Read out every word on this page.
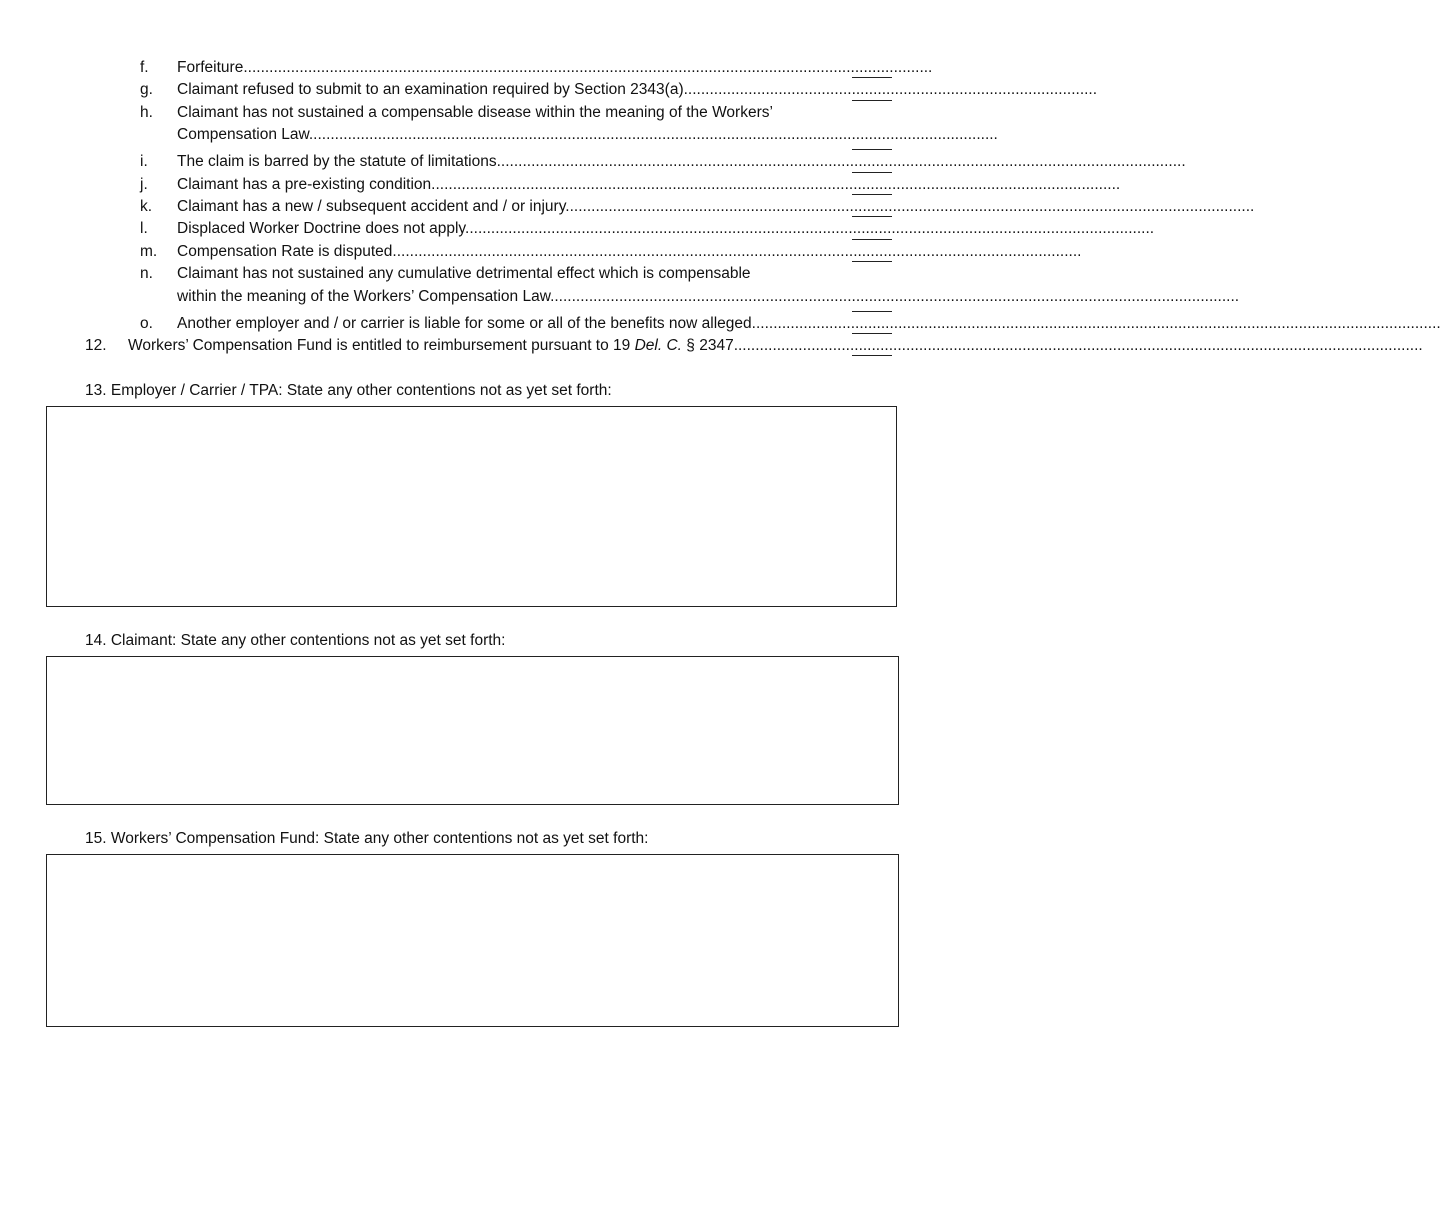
f. Forfeiture................................................................................................................................................................
g. Claimant refused to submit to an examination required by Section 2343(a)................................................................................................
h. Claimant has not sustained a compensable disease within the meaning of the Workers’
Compensation Law................................................................................................................................................................
i. The claim is barred by the statute of limitations................................................................................................................................................................
j. Claimant has a pre-existing condition................................................................................................................................................................
k. Claimant has a new / subsequent accident and / or injury................................................................................................................................................................
l. Displaced Worker Doctrine does not apply................................................................................................................................................................
m. Compensation Rate is disputed................................................................................................................................................................
n. Claimant has not sustained any cumulative detrimental effect which is compensable
within the meaning of the Workers’ Compensation Law................................................................................................................................................................
o. Another employer and / or carrier is liable for some or all of the benefits now alleged................................................................................................................................................................
12. Workers’ Compensation Fund is entitled to reimbursement pursuant to 19 Del. C. § 2347................................................................................................................................................................
13. Employer / Carrier / TPA: State any other contentions not as yet set forth:
14. Claimant: State any other contentions not as yet set forth:
15. Workers’ Compensation Fund: State any other contentions not as yet set forth:
